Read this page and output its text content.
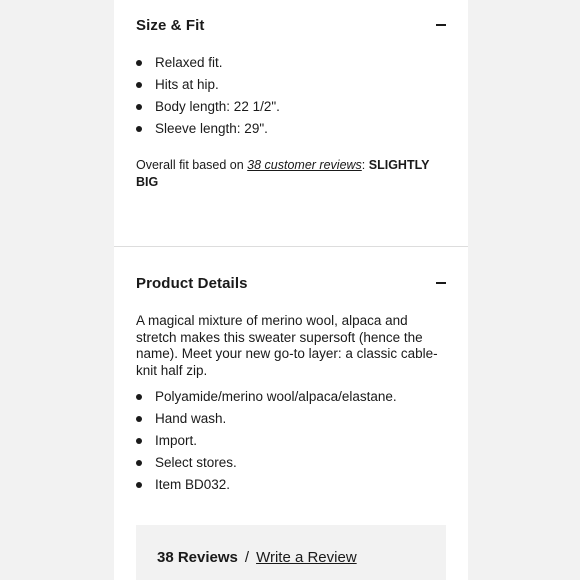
Size & Fit
Relaxed fit.
Hits at hip.
Body length: 22 1/2".
Sleeve length: 29".
Overall fit based on 38 customer reviews: SLIGHTLY BIG
Product Details
A magical mixture of merino wool, alpaca and stretch makes this sweater supersoft (hence the name). Meet your new go-to layer: a classic cable-knit half zip.
Polyamide/merino wool/alpaca/elastane.
Hand wash.
Import.
Select stores.
Item BD032.
38 Reviews / Write a Review
